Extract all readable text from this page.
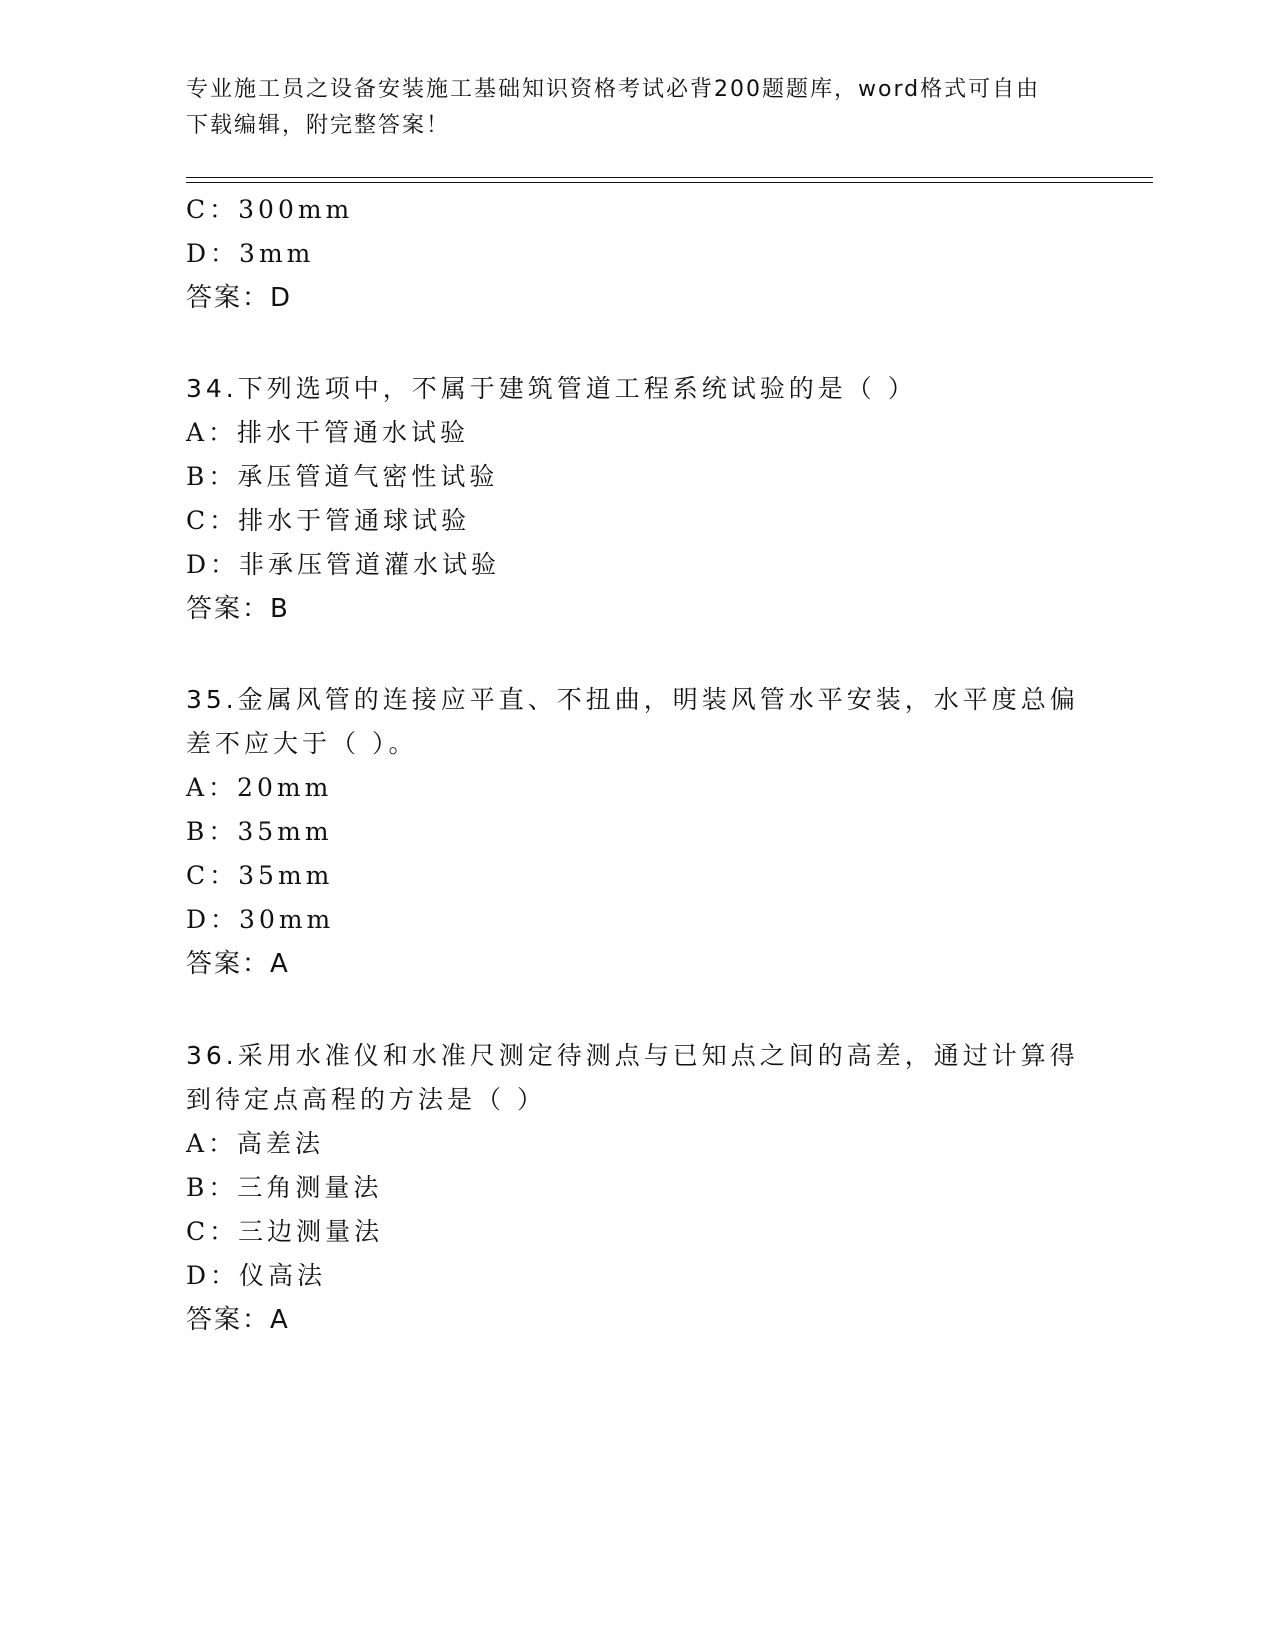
专业施工员之设备安装施工基础知识资格考试必背200题题库，word格式可自由
下载编辑，附完整答案！
C：300mm
D：3mm
答案：D
34.下列选项中，不属于建筑管道工程系统试验的是（ ）
A：排水干管通水试验
B：承压管道气密性试验
C：排水于管通球试验
D：非承压管道灌水试验
答案：B
35.金属风管的连接应平直、不扭曲，明装风管水平安装，水平度总偏
差不应大于（ ）。
A：20mm
B：35mm
C：35mm
D：30mm
答案：A
36.采用水准仪和水准尺测定待测点与已知点之间的高差，通过计算得
到待定点高程的方法是（ ）
A：高差法
B：三角测量法
C：三边测量法
D：仪高法
答案：A
